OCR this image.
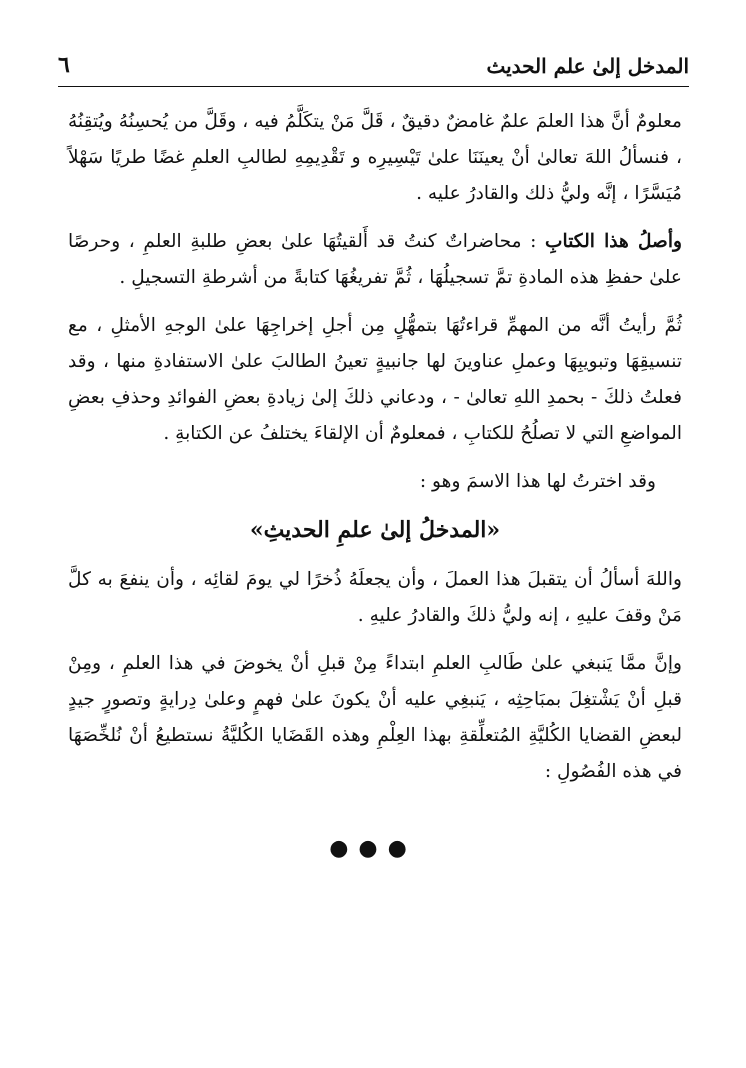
المدخل إلىٰ علم الحديث
٦

معلومٌ أنَّ هذا العلمَ علمٌ غامضٌ دقيقٌ ، قَلَّ مَنْ يتكَلَّمُ فيه ، وقَلَّ من يُحسِنُهُ ويُتقِنُهُ ، فنسألُ اللهَ تعالىٰ أنْ يعينَنَا علىٰ تَيْسِيرِه و تَقْدِيمِهِ لطالبِ العلمِ غضًا طريًا سَهْلاً مُيَسَّرًا ، إنَّه وليُّ ذلك والقادرُ عليه .

وأصلُ هذا الكتابِ : محاضراتٌ كنتُ قد أَلقيتُهَا علىٰ بعضِ طلبةِ العلمِ ، وحرصًا علىٰ حفظِ هذه المادةِ تمَّ تسجيلُهَا ، ثُمَّ تفريغُهَا كتابةً من أشرطةِ التسجيلِ .

ثُمَّ رأيتُ أنَّه من المهمِّ قراءتُهَا بتمهُّلٍ مِن أجلِ إخراجِهَا علىٰ الوجهِ الأمثلِ ، مع تنسيقِهَا وتبويبِهَا وعملِ عناوينَ لها جانبيةٍ تعينُ الطالبَ علىٰ الاستفادةِ منها ، وقد فعلتُ ذلكَ - بحمدِ اللهِ تعالىٰ - ، ودعاني ذلكَ إلىٰ زيادةِ بعضِ الفوائدِ وحذفِ بعضِ المواضعِ التي لا تصلُحُ للكتابِ ، فمعلومٌ أن الإلقاءَ يختلفُ عن الكتابةِ .

وقد اخترتُ لها هذا الاسمَ وهو :

«المدخلُ إلىٰ علمِ الحديثِ»

واللهَ أسألُ أن يتقبلَ هذا العملَ ، وأن يجعلَهُ ذُخرًا لي يومَ لقائِه ، وأن ينفعَ به كلَّ مَنْ وقفَ عليهِ ، إنه وليُّ ذلكَ والقادرُ عليهِ .

وإنَّ ممَّا يَنبغي علىٰ طَالبِ العلمِ ابتداءً مِنْ قبلِ أنْ يخوضَ في هذا العلمِ ، ومِنْ قبلِ أنْ يَشْتغِلَ بمبَاحِثِه ، يَنبغِي عليه أنْ يكونَ علىٰ فهمٍ وعلىٰ دِرايةٍ وتصورٍ جيدٍ لبعضِ القضايا الكُليَّةِ المُتعلِّقةِ بهذا العِلْمِ وهذه القَضَايا الكُليَّةُ نستطيعُ أنْ نُلخِّصَهَا في هذه الفُصُولِ :

●●●
